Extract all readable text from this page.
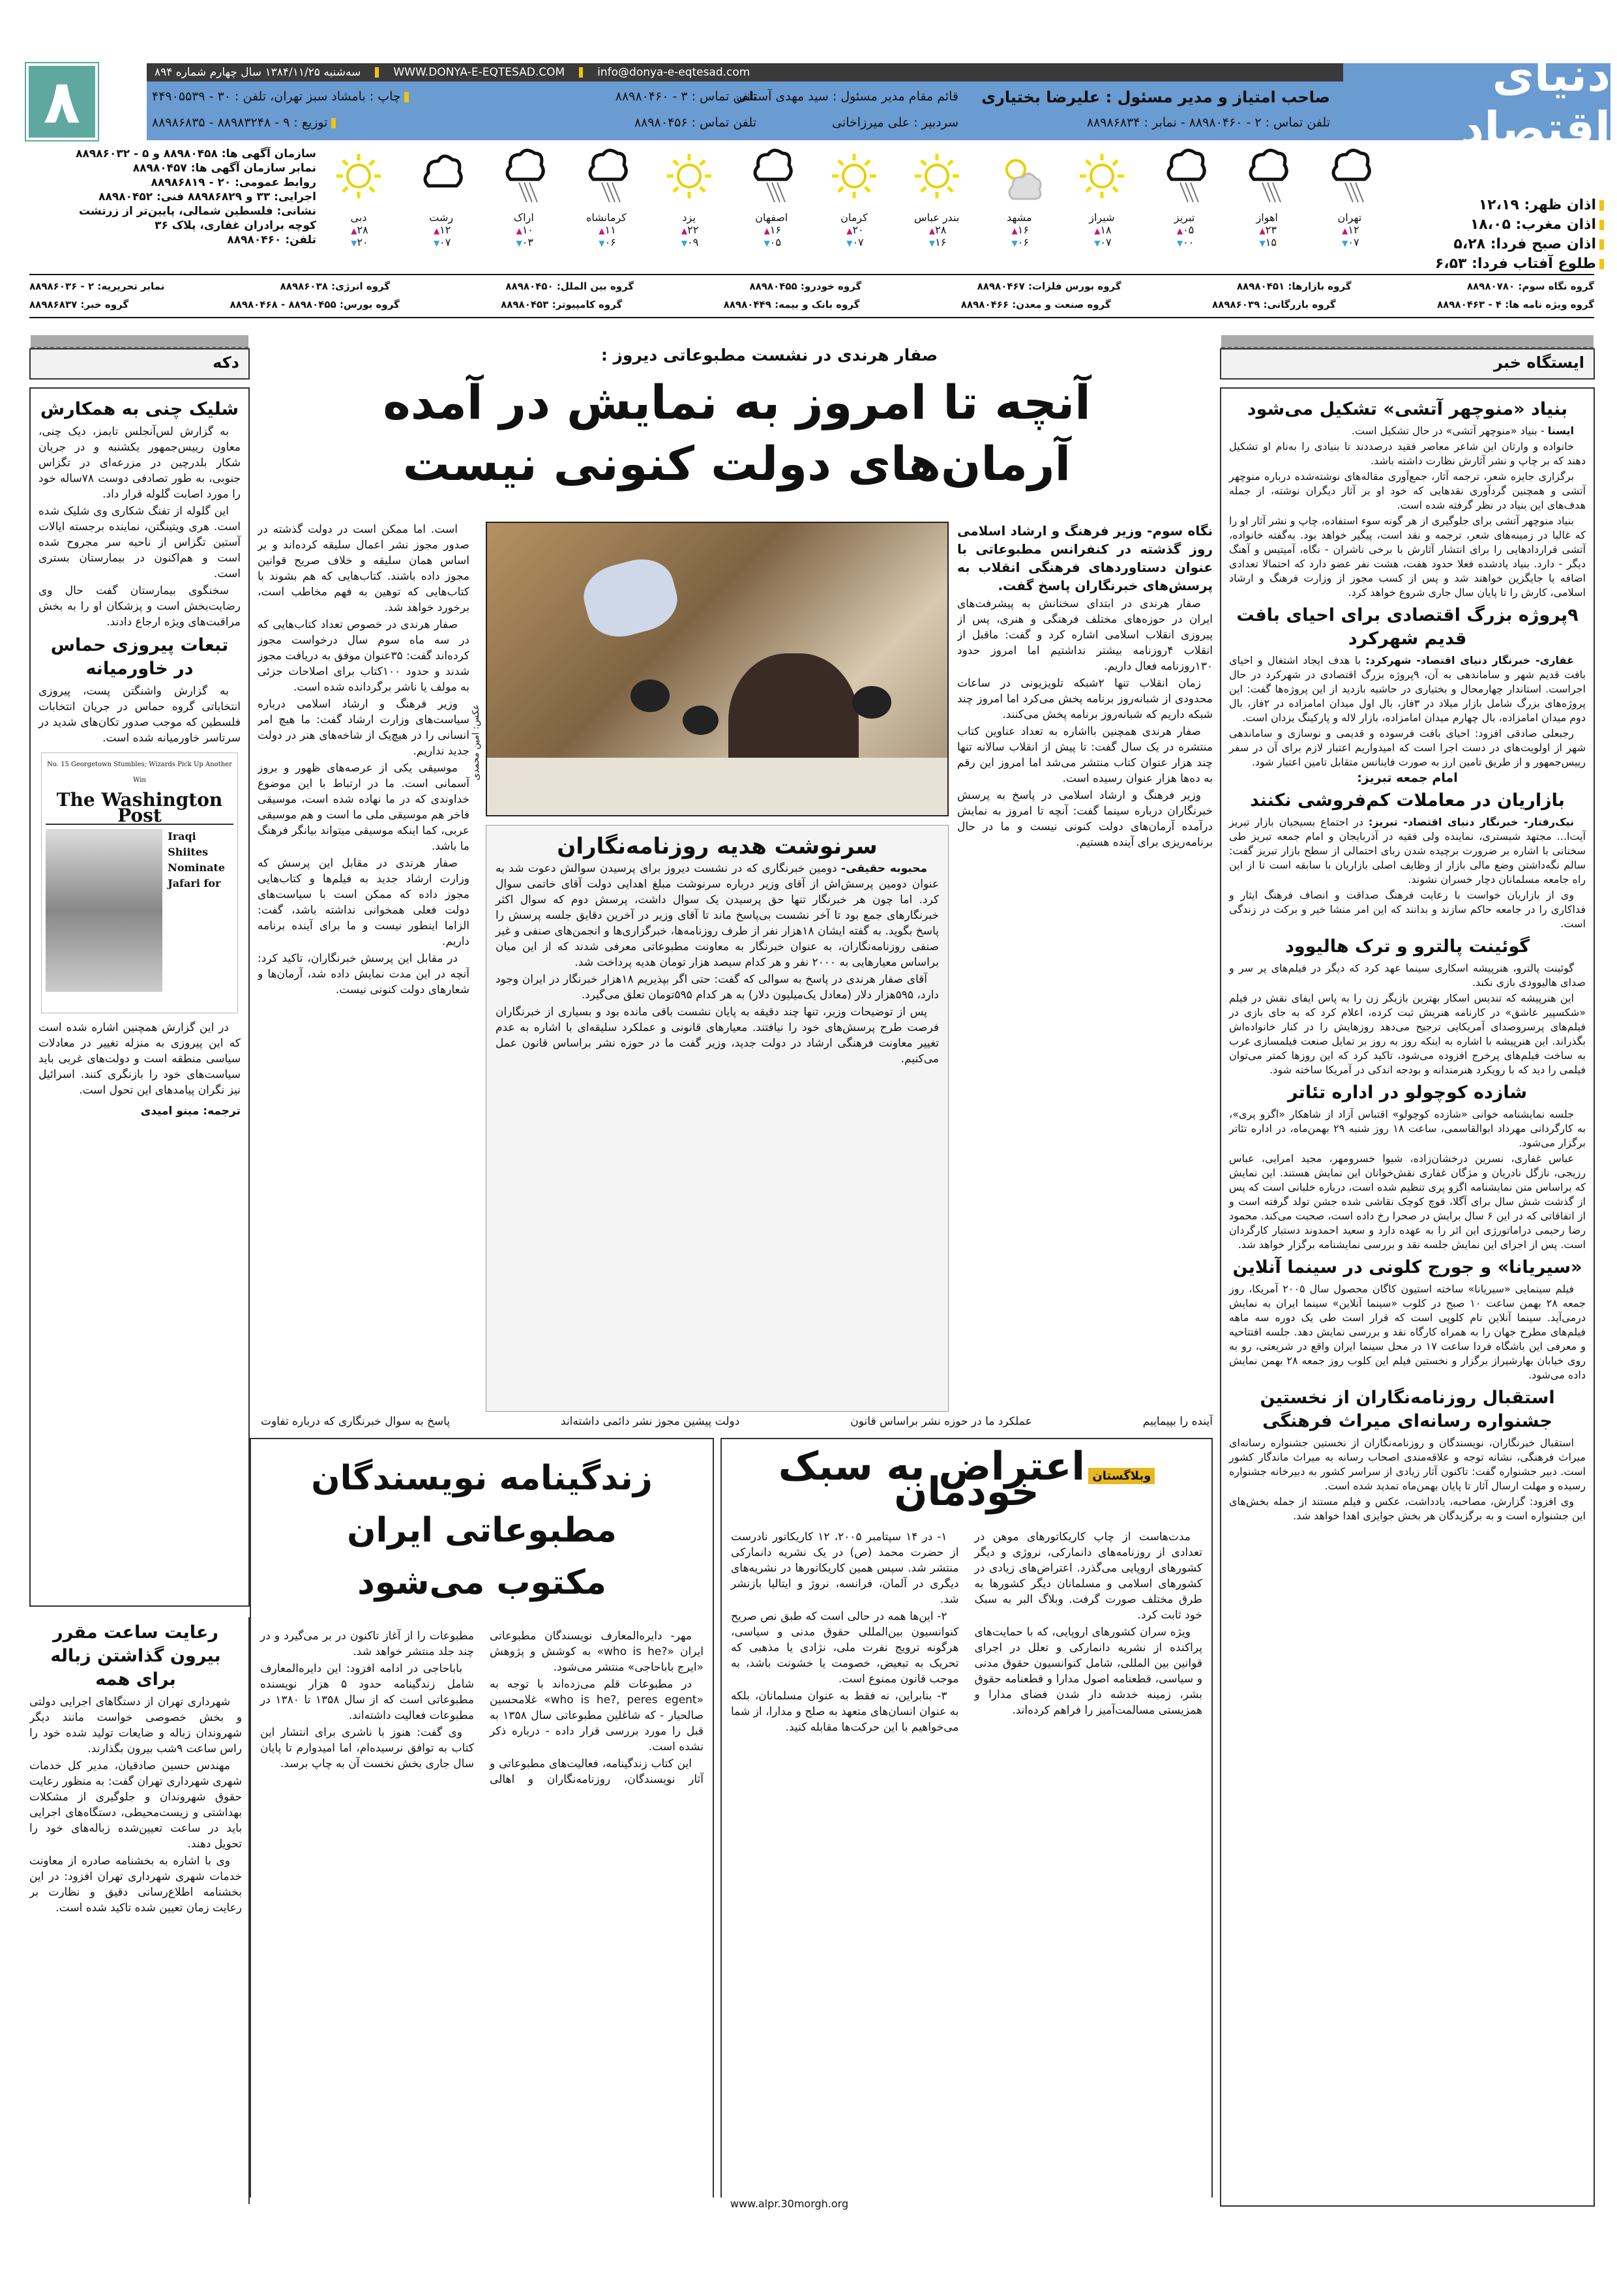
سه‌شنبه ۱۳۸۴/۱۱/۲۵ سال چهارم شماره ۸۹۴	WWW.DONYA-E-EQTESAD.COM	info@donya-e-eqtesad.com
صاحب امتیاز و مدیر مسئول : علیرضا بختیاری
تلفن تماس : ۲ - ۸۸۹۸۰۴۶۰ - نمابر : ۸۸۹۸۶۸۳۴
قائم مقام مدیر مسئول : سید مهدی آستانی
تلفن تماس : ۳ - ۸۸۹۸۰۴۶۰
سردبیر : علی میرزاخانی
تلفن تماس : ۸۸۹۸۰۴۵۶
چاپ : بامشاد سبز تهران، تلفن : ۳۰ - ۴۴۹۰۵۵۳۹
توزیع : ۹ - ۸۸۹۸۳۲۴۸ - ۸۸۹۸۶۸۳۵
دنیای اقتصاد
۸
اذان ظهر: ۱۲،۱۹
اذان مغرب: ۱۸،۰۵
اذان صبح فردا: ۵،۲۸
طلوع آفتاب فردا: ۶،۵۳
تهران
▲ ۱۲
▼ ۰۷
اهواز
▲ ۲۳
▼ ۱۵
تبریز
▲ ۰۵
▼ ۰۰
شیراز
▲ ۱۸
▼ ۰۷
مشهد
▲ ۱۶
▼ ۰۶
بندر عباس
▲ ۲۸
▼ ۱۶
کرمان
▲ ۲۰
▼ ۰۷
اصفهان
▲ ۱۶
▼ ۰۵
یزد
▲ ۲۲
▼ ۰۹
کرمانشاه
▲ ۱۱
▼ ۰۶
اراک
▲ ۱۰
▼ ۰۳
رشت
▲ ۱۲
▼ ۰۷
دبی
▲ ۲۸
▼ ۲۰
سازمان آگهی ها: ۸۸۹۸۰۴۵۸ و ۵ - ۸۸۹۸۶۰۳۲
نمابر سازمان آگهی ها: ۸۸۹۸۰۴۵۷
روابط عمومی: ۲۰ - ۸۸۹۸۶۸۱۹
اجرایی: ۳۳ و ۸۸۹۸۶۸۲۹ فنی: ۸۸۹۸۰۴۵۲
نشانی: فلسطین شمالی، پایین‌تر از زرتشت
کوچه برادران غفاری، پلاک ۳۶
تلفن: ۸۸۹۸۰۴۶۰
نمابر تحریریه: ۲ - ۸۸۹۸۶۰۳۶	گروه انرژی: ۸۸۹۸۶۰۳۸	گروه بین الملل: ۸۸۹۸۰۴۵۰	گروه خودرو: ۸۸۹۸۰۴۵۵	گروه بورس فلزات: ۸۸۹۸۰۴۶۷	گروه بازارها: ۸۸۹۸۰۴۵۱	گروه نگاه سوم: ۸۸۹۸۰۷۸۰
گروه خبر: ۸۸۹۸۶۸۳۷	گروه بورس: ۸۸۹۸۰۴۵۵ - ۸۸۹۸۰۴۶۸	گروه کامپیوتر: ۸۸۹۸۰۴۵۳	گروه بانک و بیمه: ۸۸۹۸۰۴۴۹	گروه صنعت و معدن: ۸۸۹۸۰۴۶۶	گروه بازرگانی: ۸۸۹۸۶۰۳۹	گروه ویژه نامه ها: ۴ - ۸۸۹۸۰۴۶۳
دکه
شلیک چنی به همکارش

به گزارش لس‌آنجلس تایمز، دیک چنی، معاون رییس‌جمهور یکشنبه و در جریان شکار بلدرچین در مزرعه‌ای در تگزاس جنوبی، به طور تصادفی دوست ۷۸ساله خود را مورد اصابت گلوله قرار داد.

این گلوله از تفنگ شکاری وی شلیک شده است. هری ویتینگتن، نماینده برجسته ایالات آستین تگزاس از ناحیه سر مجروح شده است و هم‌اکنون در بیمارستان بستری است.

سخنگوی بیمارستان گفت حال وی رضایت‌بخش است و پزشکان او را به بخش مراقبت‌های ویژه ارجاع دادند.

تبعات پیروزی حماس در خاورمیانه

به گزارش واشنگتن پست، پیروزی انتخاباتی گروه حماس در جریان انتخابات فلسطین که موجب صدور تکان‌های شدید در سرتاسر خاورمیانه شده است.

No. 15 Georgetown Stumbles; Wizards Pick Up Another Win
The Washington Post
Iraqi Shiites Nominate Jafari for

در این گزارش همچنین اشاره شده است که این پیروزی به منزله تغییر در معادلات سیاسی منطقه است و دولت‌های غربی باید سیاست‌های خود را بازنگری کنند. اسرائیل نیز نگران پیامدهای این تحول است.

ترجمه: مینو امیدی
رعایت ساعت مقرر بیرون گذاشتن زباله برای همه

شهرداری تهران از دستگاهای اجرایی دولتی و بخش خصوصی خواست مانند دیگر شهروندان زباله و ضایعات تولید شده خود را راس ساعت ۹شب بیرون بگذارند.

مهندس حسین صادقیان، مدیر کل خدمات شهری شهرداری تهران گفت: به منظور رعایت حقوق شهروندان و جلوگیری از مشکلات بهداشتی و زیست‌محیطی، دستگاه‌های اجرایی باید در ساعت تعیین‌شده زباله‌های خود را تحویل دهند.

وی با اشاره به بخشنامه صادره از معاونت خدمات شهری شهرداری تهران افزود: در این بخشنامه اطلاع‌رسانی دقیق و نظارت بر رعایت زمان تعیین شده تاکید شده است.

ایستگاه خبر
بنیاد «منوچهر آتشی» تشکیل می‌شود

ایسنا - بنیاد «منوچهر آتشی» در حال تشکیل است.

خانواده و وارثان این شاعر معاصر فقید درصددند تا بنیادی را به‌نام او تشکیل دهند که بر چاپ و نشر آثارش نظارت داشته باشد.

برگزاری جایزه شعر، ترجمه آثار، جمع‌آوری مقاله‌های نوشته‌شده درباره منوچهر آتشی و همچنین گردآوری نقدهایی که خود او بر آثار دیگران نوشته، از جمله هدف‌های این بنیاد در نظر گرفته شده است.

بنیاد منوچهر آتشی برای جلوگیری از هر گونه سوء استفاده، چاپ و نشر آثار او را که غالبا در زمینه‌های شعر، ترجمه و نقد است، پیگیر خواهد بود. به‌گفته خانواده، آتشی قراردادهایی را برای انتشار آثارش با برخی ناشران - نگاه، آمیتیس و آهنگ دیگر - دارد. بنیاد یادشده فعلا حدود هفت، هشت نفر عضو دارد که احتمالا تعدادی اضافه یا جایگزین خواهند شد و پس از کسب مجوز از وزارت فرهنگ و ارشاد اسلامی، کارش را تا پایان سال جاری شروع خواهد کرد.

۹پروژه بزرگ اقتصادی برای احیای بافت قدیم شهرکرد

غفاری- خبرنگار دنیای اقتصاد- شهرکرد: با هدف ایجاد اشتغال و احیای بافت قدیم شهر و ساماندهی به آن، ۹پروژه بزرگ اقتصادی در شهرکرد در حال اجراست. استاندار چهارمحال و بختیاری در حاشیه بازدید از این پروژه‌ها گفت: این پروژه‌های بزرگ شامل بازار میلاد در ۳فاز، بال اول میدان امامزاده در ۲فاز، بال دوم میدان امامزاده، بال چهارم میدان امامزاده، بازار لاله و پارکینگ یزدان است.

رجبعلی صادقی افزود: احیای بافت فرسوده و قدیمی و نوسازی و ساماندهی شهر از اولویت‌های در دست اجرا است که امیدواریم اعتبار لازم برای آن در سفر رییس‌جمهور و از طریق تامین ارز به صورت فاینانس متقابل تامین اعتبار شود.

امام جمعه تبریز:
بازاریان در معاملات کم‌فروشی نکنند

نیک‌رفتار- خبرنگار دنیای اقتصاد- تبریز: در اجتماع بسیجیان بازار تبریز آیت‌ا... مجتهد شبستری، نماینده ولی فقیه در آذربایجان و امام جمعه تبریز طی سخنانی با اشاره بر ضرورت برچیده شدن ربای احتمالی از سطح بازار تبریز گفت: سالم نگه‌داشتن وضع مالی بازار از وظایف اصلی بازاریان با سابقه است تا از این راه جامعه مسلمانان دچار خسران نشوند.

وی از بازاریان خواست با رعایت فرهنگ صداقت و انصاف فرهنگ ایثار و فداکاری را در جامعه حاکم سازند و بدانند که این امر منشا خیر و برکت در زندگی است.

گوئینت پالترو و ترک هالیوود

گوئینت پالترو، هنرپیشه اسکاری سینما عهد کرد که دیگر در فیلم‌های پر سر و صدای هالیوودی بازی نکند.

این هنرپیشه که تندیس اسکار بهترین بازیگر زن را به پاس ایفای نقش در فیلم «شکسپیر عاشق» در کارنامه هنریش ثبت کرده، اعلام کرد که به جای بازی در فیلم‌های پرسروصدای آمریکایی ترجیح می‌دهد روزهایش را در کنار خانواده‌اش بگذراند. این هنرپیشه با اشاره به اینکه روز به روز بر تمایل صنعت فیلمسازی غرب به ساخت فیلم‌های پرخرج افزوده می‌شود، تاکید کرد که این روزها کمتر می‌توان فیلمی را دید که با رویکرد هنرمندانه و بودجه اندکی در آمریکا ساخته شود.

شازده کوچولو در اداره تئاتر

جلسه نمایشنامه خوانی «شازده کوچولو» اقتباس آزاد از شاهکار «اگزو پری»، به کارگردانی مهرداد ابوالقاسمی، ساعت ۱۸ روز شنبه ۲۹ بهمن‌ماه، در اداره تئاتر برگزار می‌شود.

عباس غفاری، نسرین درخشان‌زاده، شیوا خسرومهر، مجید امرایی، عباس رزیجی، نازگل نادریان و مژگان غفاری نقش‌خوانان این نمایش هستند. این نمایش که براساس متن نمایشنامه اگزو پری تنظیم شده است، درباره خلبانی است که پس از گذشت شش سال برای آگلا، قوچ کوچک نقاشی شده جشن تولد گرفته است و از اتفاقاتی که در این ۶ سال برایش در صحرا رخ داده است، صحبت می‌کند. محمود رضا رحیمی دراماتورژی این اثر را به عهده دارد و سعید احمدوند دستیار کارگردان است. پس از اجرای این نمایش جلسه نقد و بررسی نمایشنامه برگزار خواهد شد.

«سیریانا» و جورج کلونی در سینما آنلاین

فیلم سینمایی «سیریانا» ساخته استیون کاگان محصول سال ۲۰۰۵ آمریکا، روز جمعه ۲۸ بهمن ساعت ۱۰ صبح در کلوب «سینما آنلاین» سینما ایران به نمایش درمی‌آید. سینما آنلاین نام کلوپی است که قرار است طی یک دوره سه ماهه فیلم‌های مطرح جهان را به همراه کارگاه نقد و بررسی نمایش دهد. جلسه افتتاحیه و معرفی این باشگاه فردا ساعت ۱۷ در محل سینما ایران واقع در شریعتی، رو به روی خیابان بهارشیراز برگزار و نخستین فیلم این کلوب روز جمعه ۲۸ بهمن نمایش داده می‌شود.

استقبال روزنامه‌نگاران از نخستین جشنواره رسانه‌ای میراث فرهنگی

استقبال خبرنگاران، نویسندگان و روزنامه‌نگاران از نخستین جشنواره رسانه‌ای میراث فرهنگی، نشانه توجه و علاقه‌مندی اصحاب رسانه به میراث ماندگار کشور است. دبیر جشنواره گفت: تاکنون آثار زیادی از سراسر کشور به دبیرخانه جشنواره رسیده و مهلت ارسال آثار تا پایان بهمن‌ماه تمدید شده است.

وی افزود: گزارش، مصاحبه، یادداشت، عکس و فیلم مستند از جمله بخش‌های این جشنواره است و به برگزیدگان هر بخش جوایزی اهدا خواهد شد.

صفار هرندی در نشست مطبوعاتی دیروز :
آنچه تا امروز به نمایش در آمده
آرمان‌های دولت کنونی نیست

نگاه سوم- وزیر فرهنگ و ارشاد اسلامی روز گذشته در کنفرانس مطبوعاتی با عنوان دستاوردهای فرهنگی انقلاب به پرسش‌های خبرنگاران پاسخ گفت.

صفار هرندی در ابتدای سخنانش به پیشرفت‌های ایران در حوزه‌های مختلف فرهنگی و هنری، پس از پیروزی انقلاب اسلامی اشاره کرد و گفت: ماقبل از انقلاب ۴روزنامه بیشتر نداشتیم اما امروز حدود ۱۳۰روزنامه فعال داریم.

زمان انقلاب تنها ۲شبکه تلویزیونی در ساعات محدودی از شبانه‌روز برنامه پخش می‌کرد اما امروز چند شبکه داریم که شبانه‌روز برنامه پخش می‌کنند.

صفار هرندی همچنین بااشاره به تعداد عناوین کتاب منتشره در یک سال گفت: تا پیش از انقلاب سالانه تنها چند هزار عنوان کتاب منتشر می‌شد اما امروز این رقم به ده‌ها هزار عنوان رسیده است.

وزیر فرهنگ و ارشاد اسلامی در پاسخ به پرسش خبرنگاران درباره سینما گفت: آنچه تا امروز به نمایش درآمده آرمان‌های دولت کنونی نیست و ما در حال برنامه‌ریزی برای آینده هستیم.

عکس: امین محمدی

است. اما ممکن است در دولت گذشته در صدور مجوز نشر اعمال سلیقه کرده‌اند و بر اساس همان سلیقه و خلاف صریح قوانین مجوز داده باشند. کتاب‌هایی که هم بشوند با کتاب‌هایی که توهین به فهم مخاطب است، برخورد خواهد شد.

صفار هرندی در خصوص تعداد کتاب‌هایی که در سه ماه سوم سال درخواست مجوز کرده‌اند گفت: ۳۵عنوان موفق به دریافت مجوز شدند و حدود ۱۰۰کتاب برای اصلاحات جزئی به مولف یا ناشر برگردانده شده است.

وزیر فرهنگ و ارشاد اسلامی درباره سیاست‌های وزارت ارشاد گفت: ما هیچ امر انسانی را در هیچ‌یک از شاخه‌های هنر در دولت جدید نداریم.

موسیقی یکی از عرصه‌های ظهور و بروز آسمانی است. ما در ارتباط با این موضوع خداوندی که در ما نهاده شده است، موسیقی فاخر هم موسیقی ملی ما است و هم موسیقی عربی، کما اینکه موسیقی میتواند بیانگر فرهنگ ما باشد.

صفار هرندی در مقابل این پرسش که وزارت ارشاد جدید به فیلم‌ها و کتاب‌هایی مجوز داده که ممکن است با سیاست‌های دولت فعلی همخوانی نداشته باشد، گفت: الزاما اینطور نیست و ما برای آینده برنامه داریم.

در مقابل این پرسش خبرنگاران، تاکید کرد: آنچه در این مدت نمایش داده شد، آرمان‌ها و شعارهای دولت کنونی نیست.

سرنوشت هدیه روزنامه‌نگاران

محبوبه حقیقی- دومین خبرنگاری که در نشست دیروز برای پرسیدن سوالش دعوت شد به عنوان دومین پرسش‌اش از آقای وزیر درباره سرنوشت مبلغ اهدایی دولت آقای خاتمی سوال کرد. اما چون هر خبرنگار تنها حق پرسیدن یک سوال داشت، پرسش دوم که سوال اکثر خبرنگارهای جمع بود تا آخر نشست بی‌پاسخ ماند تا آقای وزیر در آخرین دقایق جلسه پرسش را پاسخ بگوید. به گفته ایشان ۱۸هزار نفر از طرف روزنامه‌ها، خبرگزاری‌ها و انجمن‌های صنفی و غیر صنفی روزنامه‌نگاران، به عنوان خبرنگار به معاونت مطبوعاتی معرفی شدند که از این میان براساس معیارهایی به ۲۰۰۰ نفر و هر کدام سیصد هزار تومان هدیه پرداخت شد.

آقای صفار هرندی در پاسخ به سوالی که گفت: حتی اگر بپذیریم ۱۸هزار خبرنگار در ایران وجود دارد، ۵۹۵هزار دلار (معادل یک‌میلیون دلار) به هر کدام ۵۹۵تومان تعلق می‌گیرد.

پس از توضیحات وزیر، تنها چند دقیقه به پایان نشست باقی مانده بود و بسیاری از خبرنگاران فرصت طرح پرسش‌های خود را نیافتند. معیارهای قانونی و عملکرد سلیقه‌ای با اشاره به عدم تغییر معاونت فرهنگی ارشاد در دولت جدید، وزیر گفت ما در حوزه نشر براساس قانون عمل می‌کنیم.

پاسخ به سوال خبرنگاری که درباره تفاوت	دولت پیشین مجوز نشر دائمی داشته‌اند	عملکرد ما در حوزه نشر براساس قانون	آینده را بپیماییم
وبلاگستان اعتراض به سبک خودمان

مدت‌هاست از چاپ کاریکاتورهای موهن در تعدادی از روزنامه‌های دانمارکی، نروژی و دیگر کشورهای اروپایی می‌گذرد. اعتراض‌های زیادی در کشورهای اسلامی و مسلمانان دیگر کشورها به طرق مختلف صورت گرفت. وبلاگ البر به سبک خود ثابت کرد.

ویژه سران کشورهای اروپایی، که با حمایت‌های پراکنده از نشریه دانمارکی و تعلل در اجرای قوانین بین المللی، شامل کنوانسیون حقوق مدنی و سیاسی، قطعنامه اصول مدارا و قطعنامه حقوق بشر، زمینه خدشه دار شدن فضای مدارا و همزیستی مسالمت‌آمیز را فراهم کرده‌اند.

۱- در ۱۴ سپتامبر ۲۰۰۵، ۱۲ کاریکاتور نادرست از حضرت محمد (ص) در یک نشریه دانمارکی منتشر شد. سپس همین کاریکاتورها در نشریه‌های دیگری در آلمان، فرانسه، نروژ و ایتالیا بازنشر شد.

۲- این‌ها همه در حالی است که طبق نص صریح کنوانسیون بین‌المللی حقوق مدنی و سیاسی، هرگونه ترویج نفرت ملی، نژادی یا مذهبی که تحریک به تبعیض، خصومت یا خشونت باشد، به موجب قانون ممنوع است.

۳- بنابراین، نه فقط به عنوان مسلمانان، بلکه به عنوان انسان‌های متعهد به صلح و مدارا، از شما می‌خواهیم با این حرکت‌ها مقابله کنید.

زندگینامه نویسندگان مطبوعاتی ایران
مکتوب می‌شود

مهر- دایره‌المعارف نویسندگان مطبوعاتی ایران «?who is he» به کوشش و پژوهش «ایرج باباحاجی» منتشر می‌شود.

در مطبوعات قلم می‌زده‌اند با توجه به «who is he?, peres egent» غلامحسین صالحیار - که شاغلین مطبوعاتی سال ۱۳۵۸ به قبل را مورد بررسی قرار داده - درباره ذکر نشده است.

این کتاب زندگینامه، فعالیت‌های مطبوعاتی و آثار نویسندگان، روزنامه‌نگاران و اهالی مطبوعات را از آغاز تاکنون در بر می‌گیرد و در چند جلد منتشر خواهد شد.

باباحاجی در ادامه افزود: این دایره‌المعارف شامل زندگینامه حدود ۵ هزار نویسنده مطبوعاتی است که از سال ۱۳۵۸ تا ۱۳۸۰ در مطبوعات فعالیت داشته‌اند.

وی گفت: هنوز با ناشری برای انتشار این کتاب به توافق نرسیده‌ام، اما امیدوارم تا پایان سال جاری بخش نخست آن به چاپ برسد.

www.alpr.30morgh.org
